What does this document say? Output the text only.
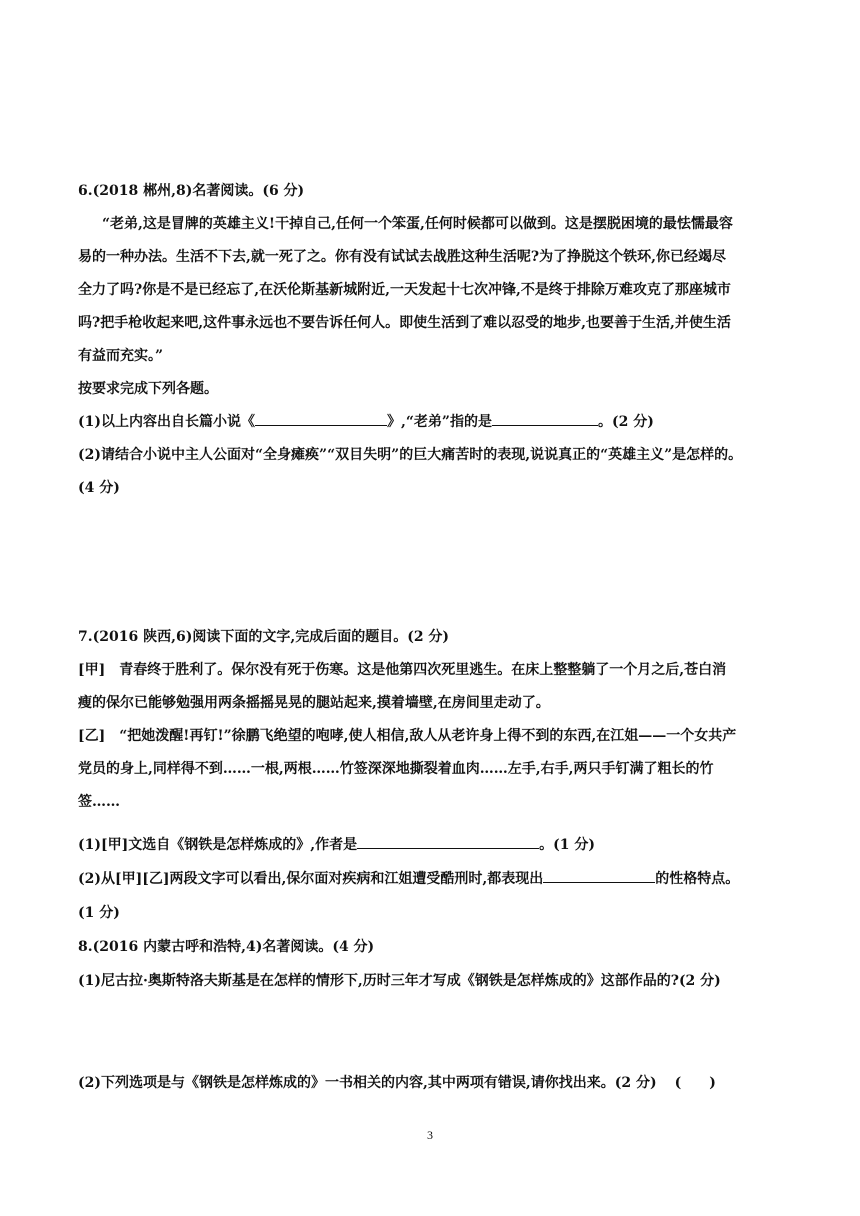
6.(2018 郴州,8)名著阅读。(6 分)
“老弟,这是冒牌的英雄主义!干掉自己,任何一个笨蛋,任何时候都可以做到。这是摆脱困境的最怯懦最容
易的一种办法。生活不下去,就一死了之。你有没有试试去战胜这种生活呢?为了挣脱这个铁环,你已经竭尽
全力了吗?你是不是已经忘了,在沃伦斯基新城附近,一天发起十七次冲锋,不是终于排除万难攻克了那座城市
吗?把手枪收起来吧,这件事永远也不要告诉任何人。即使生活到了难以忍受的地步,也要善于生活,并使生活
有益而充实。”
按要求完成下列各题。
(1)以上内容出自长篇小说《	》,“老弟”指的是	。(2 分)
(2)请结合小说中主人公面对“全身瘫痪”“双目失明”的巨大痛苦时的表现,说说真正的“英雄主义”是怎样的。
(4 分)
7.(2016 陕西,6)阅读下面的文字,完成后面的题目。(2 分)
[甲]　青春终于胜利了。保尔没有死于伤寒。这是他第四次死里逃生。在床上整整躺了一个月之后,苍白消
瘦的保尔已能够勉强用两条摇摇晃晃的腿站起来,摸着墙壁,在房间里走动了。
[乙]　“把她泼醒!再钉!”徐鹏飞绝望的咆哮,使人相信,敌人从老许身上得不到的东西,在江姐——一个女共产
党员的身上,同样得不到……一根,两根……竹签深深地撕裂着血肉……左手,右手,两只手钉满了粗长的竹
签……
(1)[甲]文选自《钢铁是怎样炼成的》,作者是	。(1 分)
(2)从[甲][乙]两段文字可以看出,保尔面对疾病和江姐遭受酷刑时,都表现出	的性格特点。
(1 分)
8.(2016 内蒙古呼和浩特,4)名著阅读。(4 分)
(1)尼古拉·奥斯特洛夫斯基是在怎样的情形下,历时三年才写成《钢铁是怎样炼成的》这部作品的?(2 分)
(2)下列选项是与《钢铁是怎样炼成的》一书相关的内容,其中两项有错误,请你找出来。(2 分) (　　)
3
